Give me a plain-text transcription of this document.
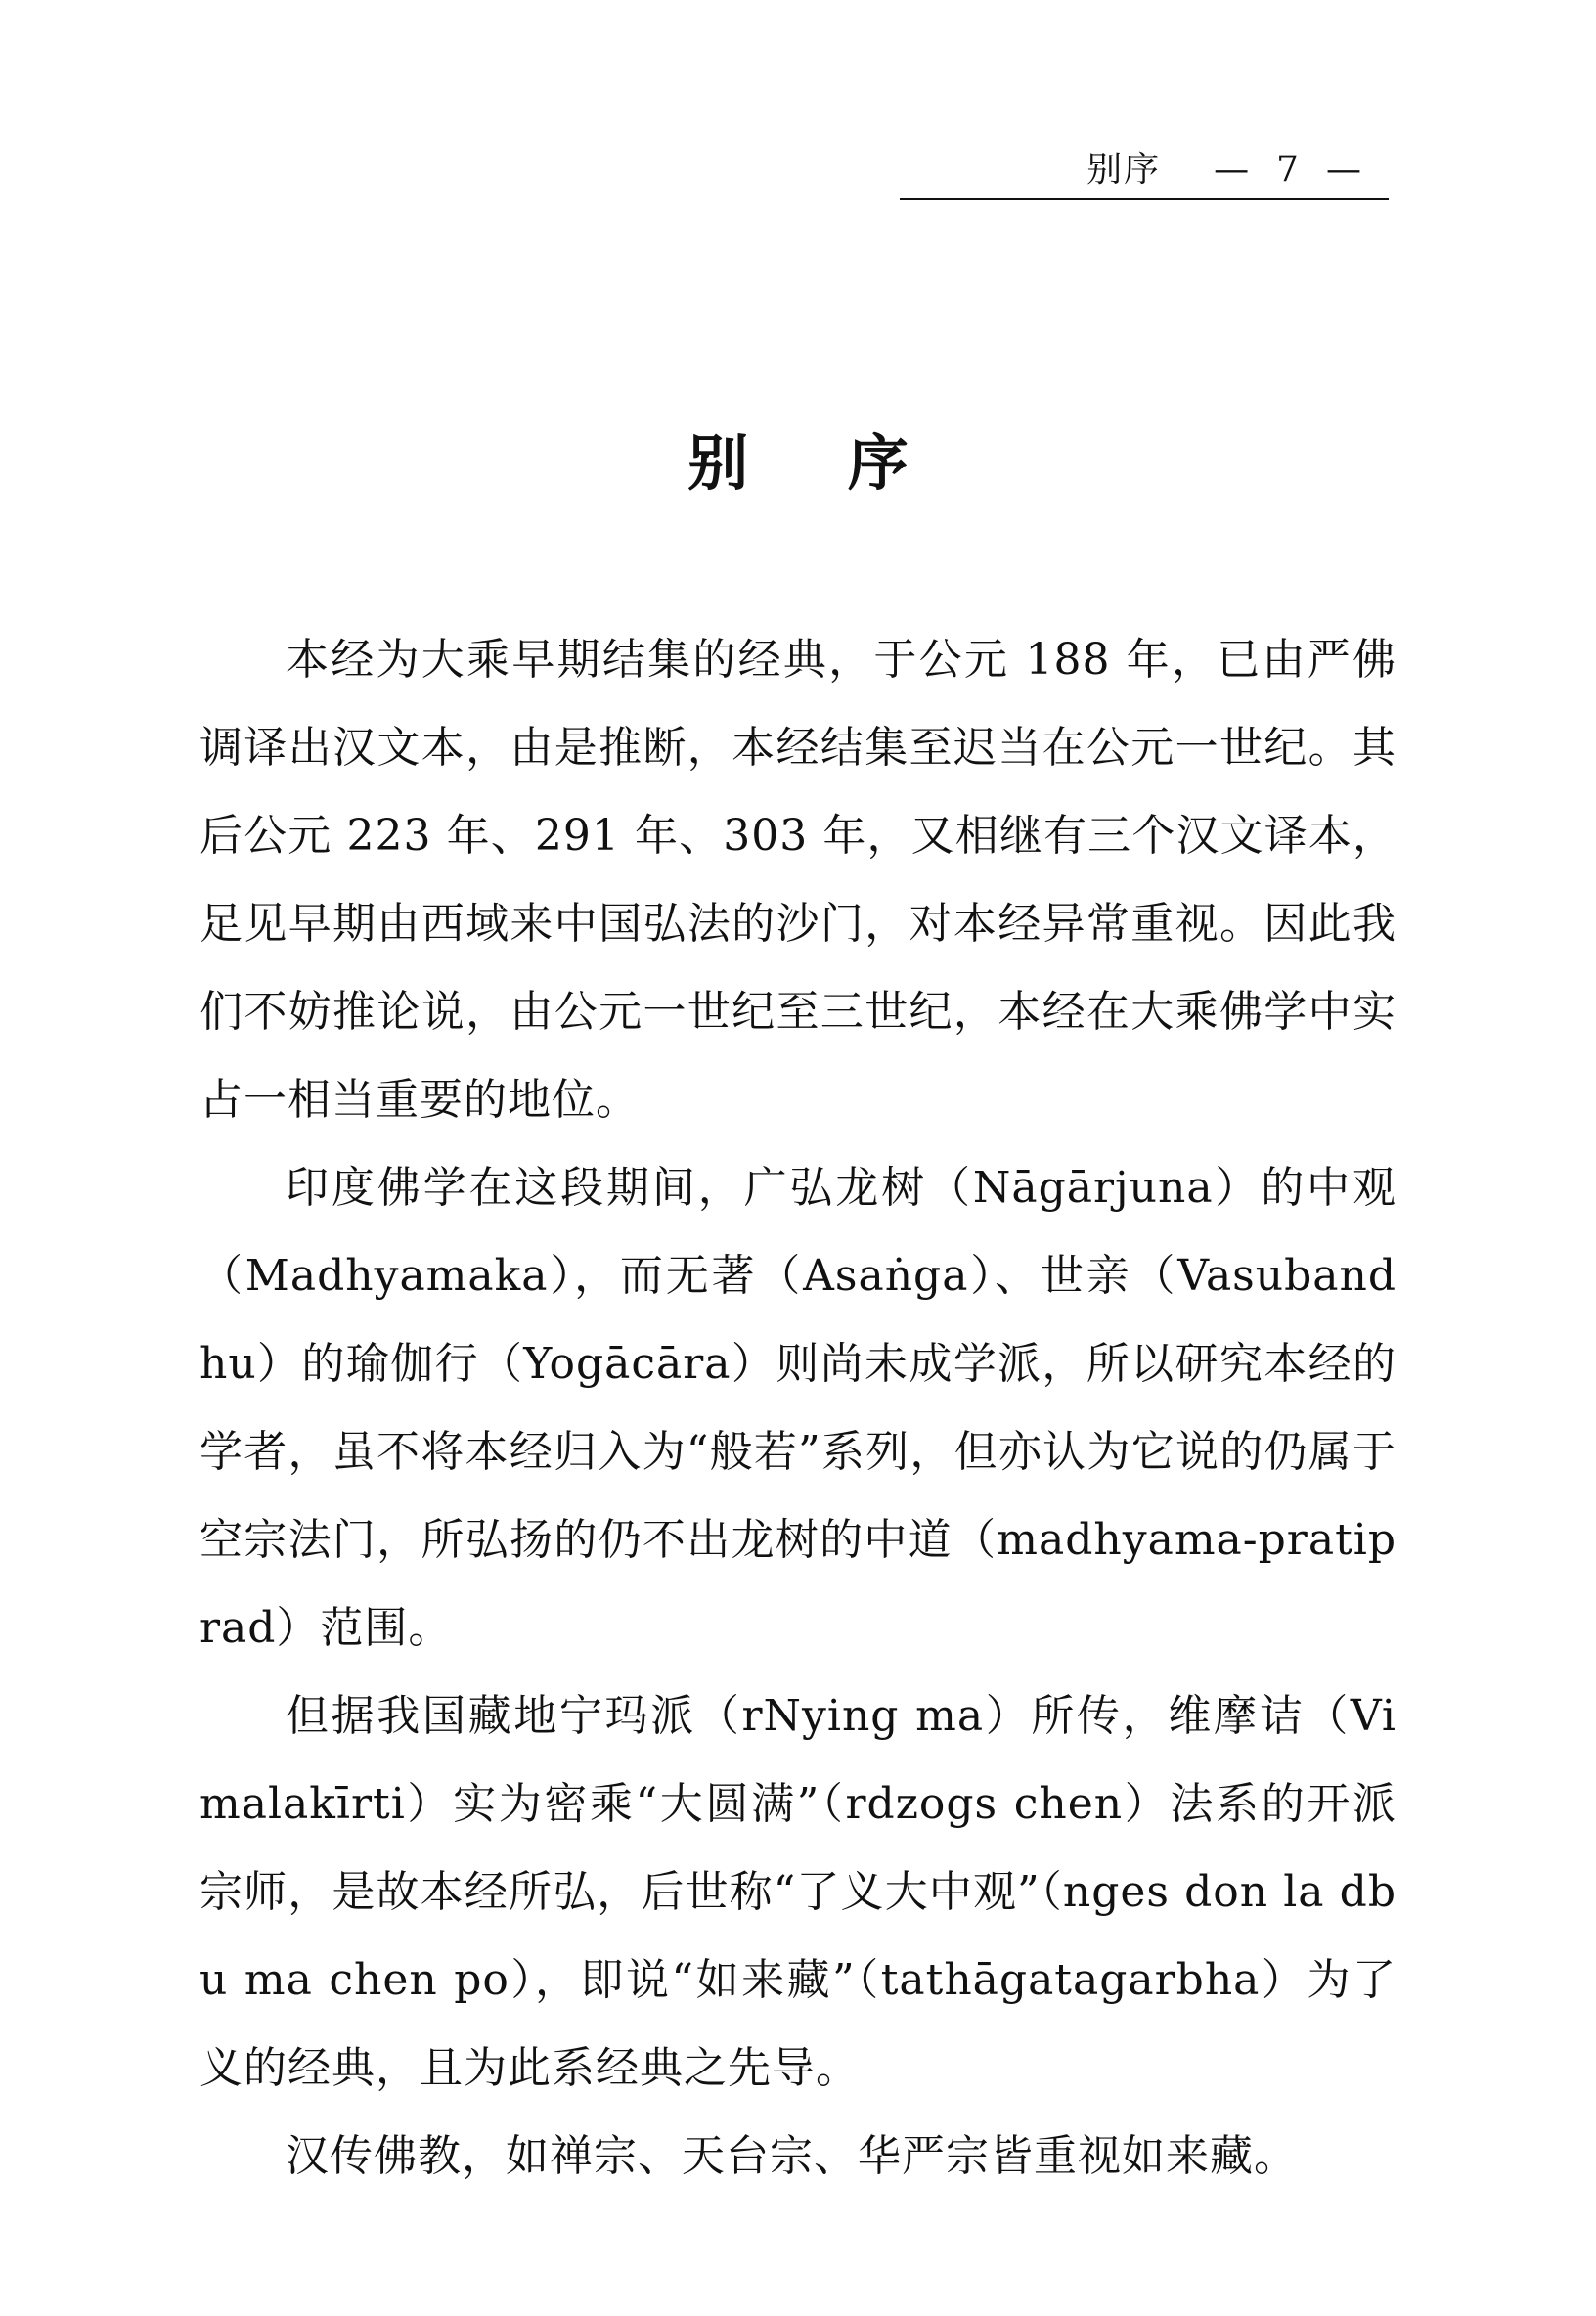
别序 — 7 —
别 序

本经为大乘早期结集的经典，于公元 188 年，已由严佛调译出汉文本，由是推断，本经结集至迟当在公元一世纪。其后公元 223 年、291 年、303 年，又相继有三个汉文译本，足见早期由西域来中国弘法的沙门，对本经异常重视。因此我们不妨推论说，由公元一世纪至三世纪，本经在大乘佛学中实占一相当重要的地位。

印度佛学在这段期间，广弘龙树（Nāgārjuna）的中观（Madhyamaka），而无著（Asaṅga）、世亲（Vasubandhu）的瑜伽行（Yogācāra）则尚未成学派，所以研究本经的学者，虽不将本经归入为“般若”系列，但亦认为它说的仍属于空宗法门，所弘扬的仍不出龙树的中道（madhyama-pratiprad）范围。

但据我国藏地宁玛派（rNying ma）所传，维摩诘（Vimalakīrti）实为密乘“大圆满”（rdzogs chen）法系的开派宗师，是故本经所弘，后世称“了义大中观”（nges don la dbu ma chen po），即说“如来藏”（tathāgatagarbha）为了义的经典，且为此系经典之先导。

汉传佛教，如禅宗、天台宗、华严宗皆重视如来藏。
